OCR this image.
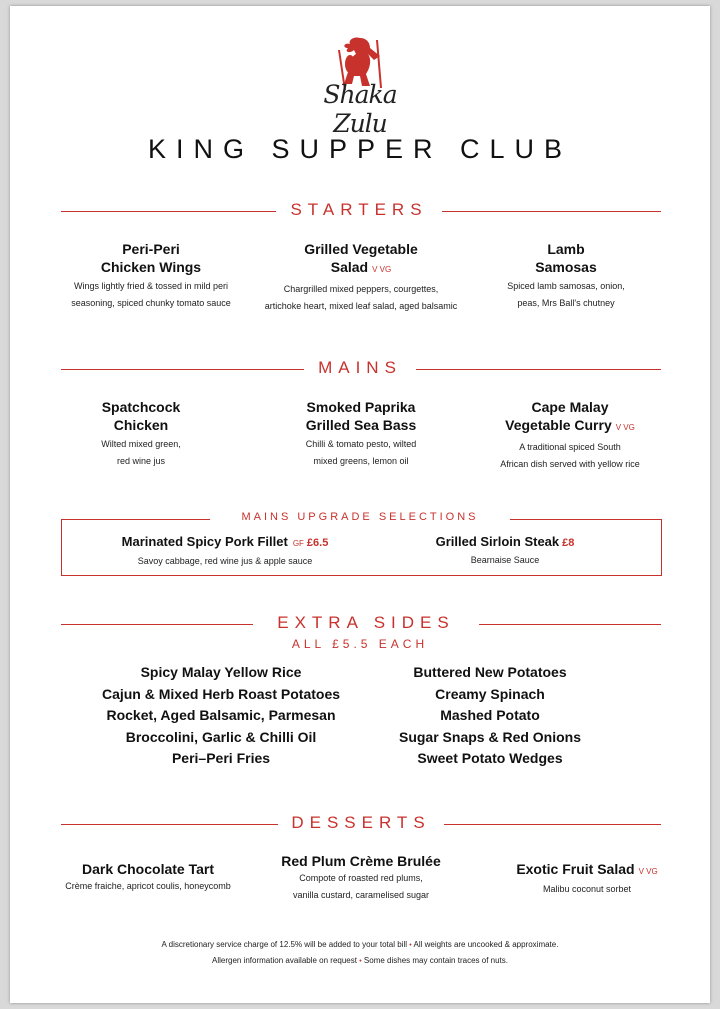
Shaka Zulu
KING SUPPER CLUB
STARTERS
Peri-Peri
Chicken Wings
Wings lightly fried & tossed in mild peri
seasoning, spiced chunky tomato sauce
Grilled Vegetable
Salad V VG
Chargrilled mixed peppers, courgettes,
artichoke heart, mixed leaf salad, aged balsamic
Lamb
Samosas
Spiced lamb samosas, onion,
peas, Mrs Ball's chutney
MAINS
Spatchcock
Chicken
Wilted mixed green,
red wine jus
Smoked Paprika
Grilled Sea Bass
Chilli & tomato pesto, wilted
mixed greens, lemon oil
Cape Malay
Vegetable Curry V VG
A traditional spiced South
African dish served with yellow rice
MAINS UPGRADE SELECTIONS
Marinated Spicy Pork Fillet GF £6.5
Savoy cabbage, red wine jus & apple sauce
Grilled Sirloin Steak £8
Bearnaise Sauce
EXTRA SIDES
ALL £5.5 EACH
Spicy Malay Yellow Rice
Cajun & Mixed Herb Roast Potatoes
Rocket, Aged Balsamic, Parmesan
Broccolini, Garlic & Chilli Oil
Peri–Peri Fries
Buttered New Potatoes
Creamy Spinach
Mashed Potato
Sugar Snaps & Red Onions
Sweet Potato Wedges
DESSERTS
Dark Chocolate Tart
Crème fraiche, apricot coulis, honeycomb
Red Plum Crème Brulée
Compote of roasted red plums,
vanilla custard, caramelised sugar
Exotic Fruit Salad V VG
Malibu coconut sorbet
A discretionary service charge of 12.5% will be added to your total bill • All weights are uncooked & approximate.
Allergen information available on request • Some dishes may contain traces of nuts.
